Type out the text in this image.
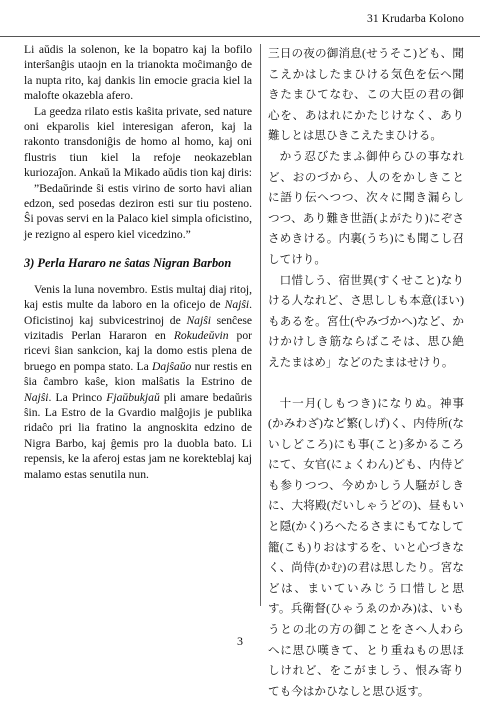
31 Krudarba Kolono

Li aŭdis la solenon, ke la bopatro kaj la bofilo interŝanĝis utaojn en la trianokta moĉimanĝo de la nupta rito, kaj dankis lin emocie gracia kiel la malofte okazebla afero.

La geedza rilato estis kaŝita private, sed nature oni ekparolis kiel interesigan aferon, kaj la rakonto transdoniĝis de homo al homo, kaj oni flustris tiun kiel la refoje neokazeblan kuriozaĵon. Ankaŭ la Mikado aŭdis tion kaj diris:

”Bedaŭrinde ŝi estis virino de sorto havi alian edzon, sed posedas deziron esti sur tiu posteno. Ŝi povas servi en la Palaco kiel simpla oficistino, je rezigno al espero kiel vicedzino.”

3) Perla Hararo ne ŝatas Nigran Barbon

Venis la luna novembro. Estis multaj diaj ritoj, kaj estis multe da laboro en la oficejo de Najŝi. Oficistinoj kaj subvicestrinoj de Najŝi senĉese vizitadis Perlan Hararon en Rokudeŭvin por ricevi ŝian sankcion, kaj la domo estis plena de bruego en pompa stato. La Dajŝaŭo nur restis en ŝia ĉambro kaŝe, kion malŝatis la Estrino de Najŝi. La Princo Fjaŭbukjaŭ pli amare bedaŭris ŝin. La Estro de la Gvardio malĝojis je publika ridaĉo pri lia fratino la angnoskita edzino de Nigra Barbo, kaj ĝemis pro la duobla bato. Li repensis, ke la aferoj estas jam ne korekteblaj kaj malamo estas senutila nun.

三日の夜の御消息(せうそこ)ども、聞こえかはしたまひける気色を伝へ聞きたまひてなむ、この大臣の君の御心を、あはれにかたじけなく、あり難しとは思ひきこえたまひける。

かう忍びたまふ御仲らひの事なれど、おのづから、人のをかしきことに語り伝へつつ、次々に聞き漏らしつつ、あり難き世語(よがたり)にぞささめきける。内裏(うち)にも聞こし召してけり。

口惜しう、宿世異(すくせこと)なりける人なれど、さ思ししも本意(ほい)もあるを。宮仕(やみづかへ)など、かけかけしき筋ならばこそは、思ひ絶えたまはめ」などのたまはせけり。

十一月(しもつき)になりぬ。神事(かみわざ)など繁(しげ)く、内侍所(ないしどころ)にも事(こと)多かるころにて、女官(にょくわん)ども、内侍ども参りつつ、今めかしう人騒がしきに、大将殿(だいしゃうどの)、昼もいと隠(かく)ろへたるさまにもてなして籠(こも)りおはするを、いと心づきなく、尚侍(かむ)の君は思したり。宮などは、まいていみじう口惜しと思す。兵衛督(ひゃうゑのかみ)は、いもうとの北の方の御ことをさへ人わらへに思ひ嘆きて、とり重ねもの思ほしけれど、をこがましう、恨み寄りても今はかひなしと思ひ返す。

3
